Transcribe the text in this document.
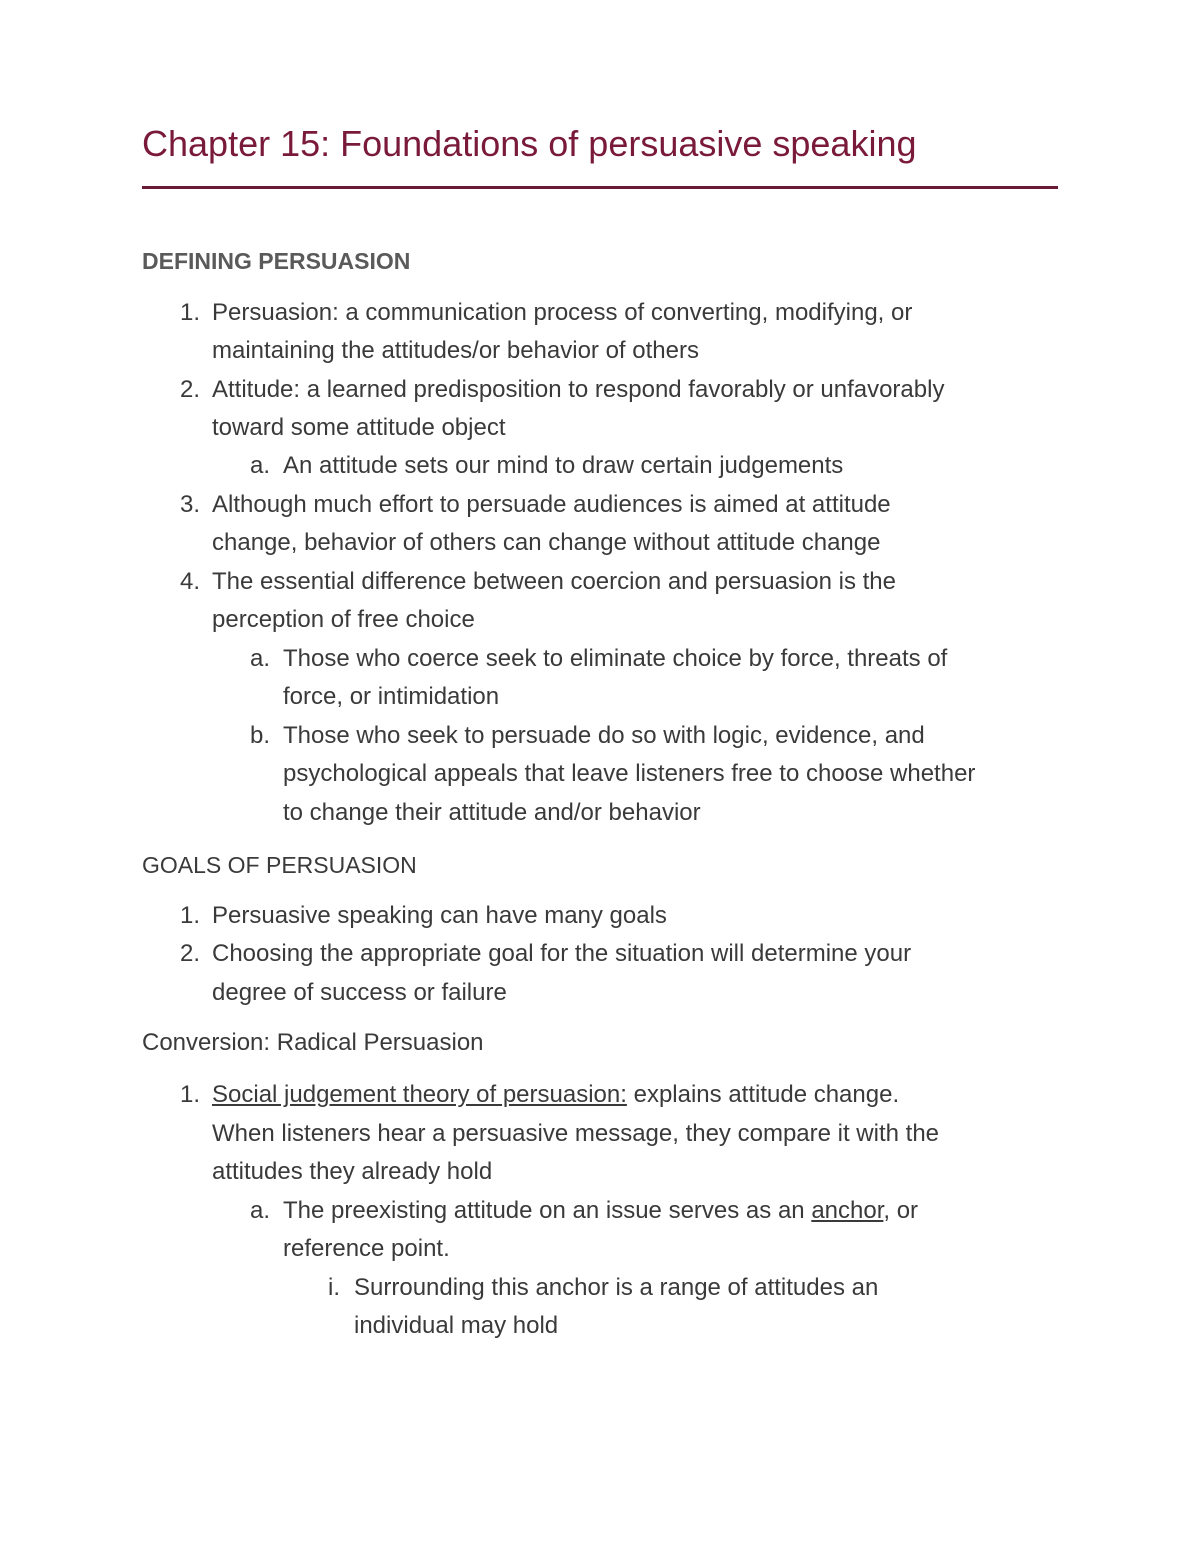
Chapter 15: Foundations of persuasive speaking
DEFINING PERSUASION
1. Persuasion: a communication process of converting, modifying, or
maintaining the attitudes/or behavior of others
2. Attitude: a learned predisposition to respond favorably or unfavorably
toward some attitude object
a. An attitude sets our mind to draw certain judgements
3. Although much effort to persuade audiences is aimed at attitude
change, behavior of others can change without attitude change
4. The essential difference between coercion and persuasion is the
perception of free choice
a. Those who coerce seek to eliminate choice by force, threats of
force, or intimidation
b. Those who seek to persuade do so with logic, evidence, and
psychological appeals that leave listeners free to choose whether
to change their attitude and/or behavior
GOALS OF PERSUASION
1. Persuasive speaking can have many goals
2. Choosing the appropriate goal for the situation will determine your
degree of success or failure
Conversion: Radical Persuasion
1. Social judgement theory of persuasion: explains attitude change.
When listeners hear a persuasive message, they compare it with the
attitudes they already hold
a. The preexisting attitude on an issue serves as an anchor, or
reference point.
i. Surrounding this anchor is a range of attitudes an
individual may hold
